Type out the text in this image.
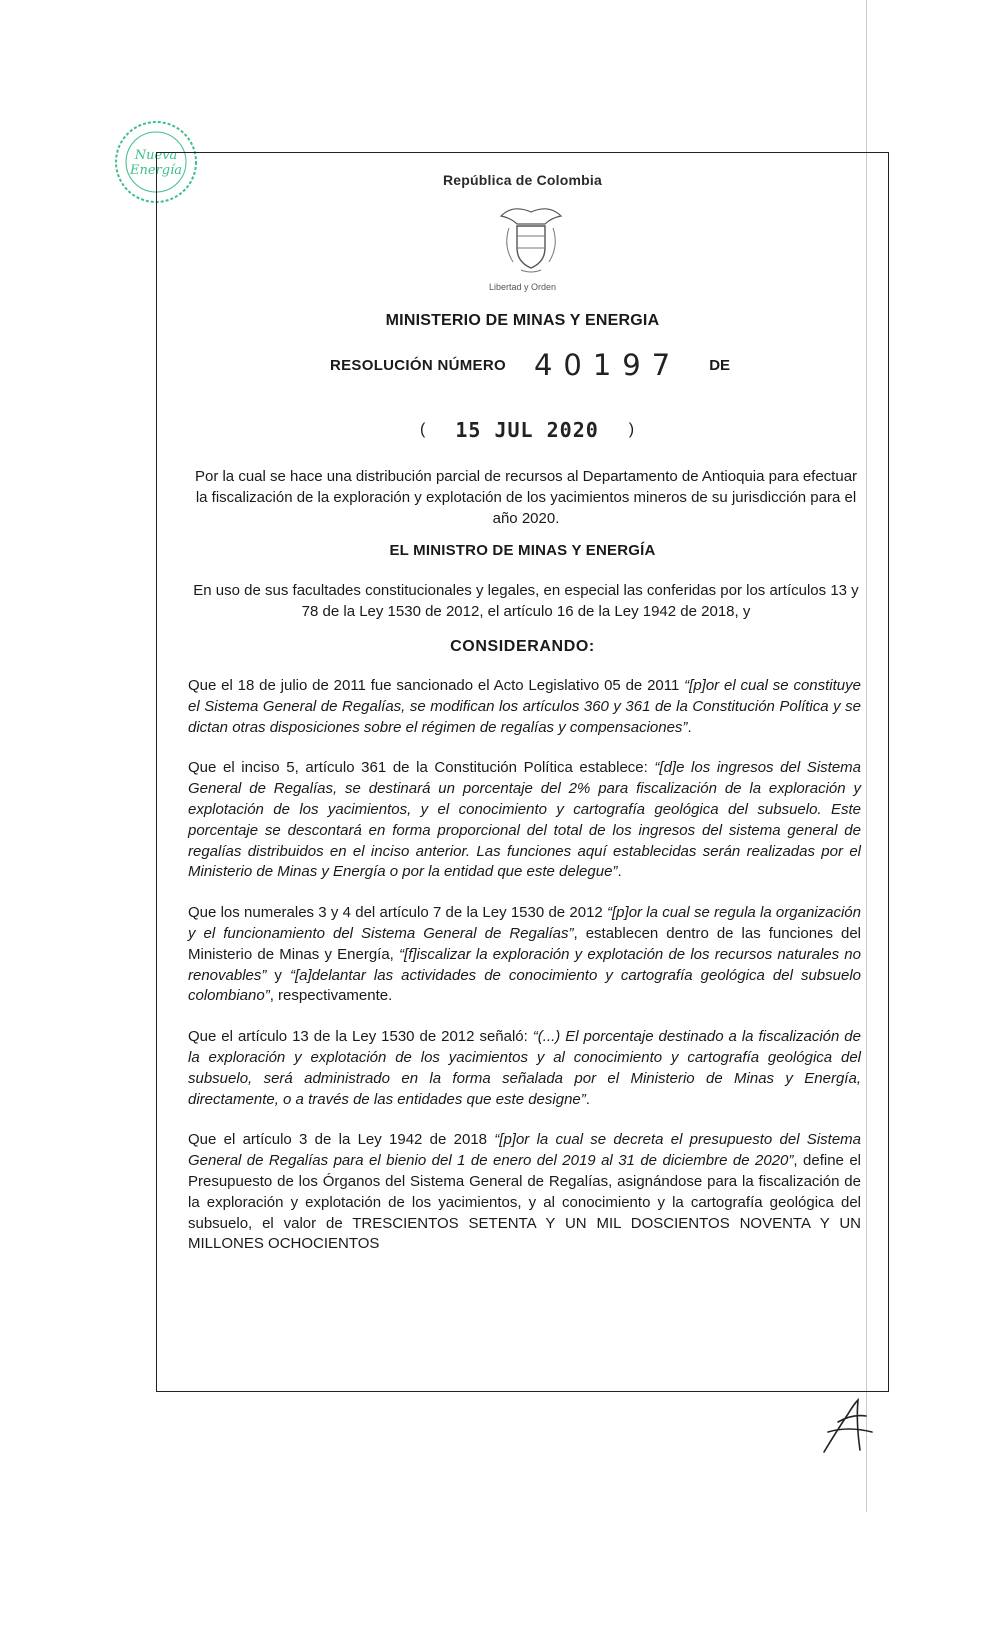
Nueva
Energía
República de Colombia
Libertad y Orden
MINISTERIO DE MINAS Y ENERGIA
RESOLUCIÓN NÚMERO 40197 DE
( 15 JUL 2020 )
Por la cual se hace una distribución parcial de recursos al Departamento de Antioquia para efectuar la fiscalización de la exploración y explotación de los yacimientos mineros de su jurisdicción para el año 2020.
EL MINISTRO DE MINAS Y ENERGÍA
En uso de sus facultades constitucionales y legales, en especial las conferidas por los artículos 13 y 78 de la Ley 1530 de 2012, el artículo 16 de la Ley 1942 de 2018, y
CONSIDERANDO:

Que el 18 de julio de 2011 fue sancionado el Acto Legislativo 05 de 2011 “[p]or el cual se constituye el Sistema General de Regalías, se modifican los artículos 360 y 361 de la Constitución Política y se dictan otras disposiciones sobre el régimen de regalías y compensaciones”.

Que el inciso 5, artículo 361 de la Constitución Política establece: “[d]e los ingresos del Sistema General de Regalías, se destinará un porcentaje del 2% para fiscalización de la exploración y explotación de los yacimientos, y el conocimiento y cartografía geológica del subsuelo. Este porcentaje se descontará en forma proporcional del total de los ingresos del sistema general de regalías distribuidos en el inciso anterior. Las funciones aquí establecidas serán realizadas por el Ministerio de Minas y Energía o por la entidad que este delegue”.

Que los numerales 3 y 4 del artículo 7 de la Ley 1530 de 2012 “[p]or la cual se regula la organización y el funcionamiento del Sistema General de Regalías”, establecen dentro de las funciones del Ministerio de Minas y Energía, “[f]iscalizar la exploración y explotación de los recursos naturales no renovables” y “[a]delantar las actividades de conocimiento y cartografía geológica del subsuelo colombiano”, respectivamente.

Que el artículo 13 de la Ley 1530 de 2012 señaló: “(...) El porcentaje destinado a la fiscalización de la exploración y explotación de los yacimientos y al conocimiento y cartografía geológica del subsuelo, será administrado en la forma señalada por el Ministerio de Minas y Energía, directamente, o a través de las entidades que este designe”.

Que el artículo 3 de la Ley 1942 de 2018 “[p]or la cual se decreta el presupuesto del Sistema General de Regalías para el bienio del 1 de enero del 2019 al 31 de diciembre de 2020”, define el Presupuesto de los Órganos del Sistema General de Regalías, asignándose para la fiscalización de la exploración y explotación de los yacimientos, y al conocimiento y la cartografía geológica del subsuelo, el valor de TRESCIENTOS SETENTA Y UN MIL DOSCIENTOS NOVENTA Y UN MILLONES OCHOCIENTOS
